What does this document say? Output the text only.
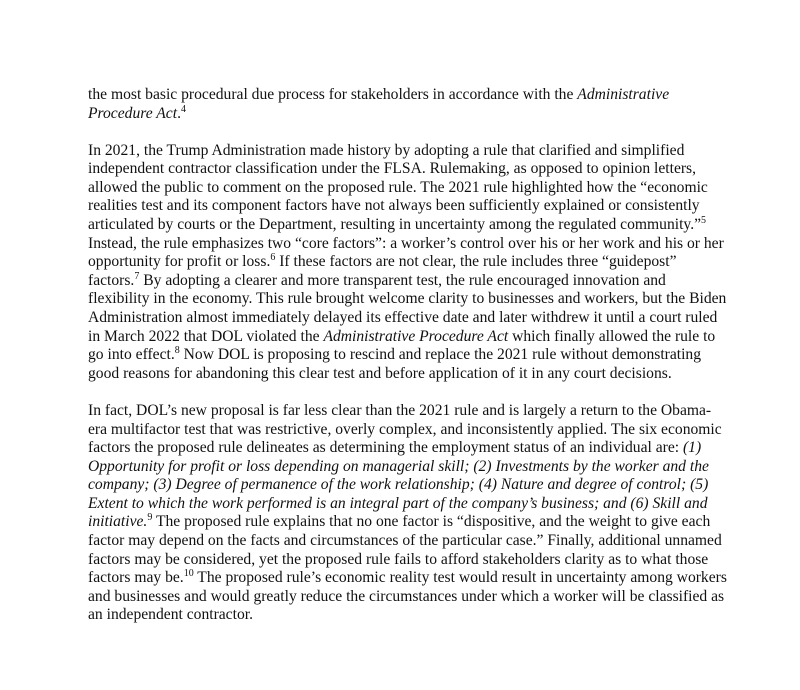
the most basic procedural due process for stakeholders in accordance with the Administrative Procedure Act.$^4$

In 2021, the Trump Administration made history by adopting a rule that clarified and simplified independent contractor classification under the FLSA. Rulemaking, as opposed to opinion letters, allowed the public to comment on the proposed rule. The 2021 rule highlighted how the “economic realities test and its component factors have not always been sufficiently explained or consistently articulated by courts or the Department, resulting in uncertainty among the regulated community.”$^5$ Instead, the rule emphasizes two “core factors”: a worker’s control over his or her work and his or her opportunity for profit or loss.$^6$ If these factors are not clear, the rule includes three “guidepost” factors.$^7$ By adopting a clearer and more transparent test, the rule encouraged innovation and flexibility in the economy. This rule brought welcome clarity to businesses and workers, but the Biden Administration almost immediately delayed its effective date and later withdrew it until a court ruled in March 2022 that DOL violated the Administrative Procedure Act which finally allowed the rule to go into effect.$^8$ Now DOL is proposing to rescind and replace the 2021 rule without demonstrating good reasons for abandoning this clear test and before application of it in any court decisions.

In fact, DOL’s new proposal is far less clear than the 2021 rule and is largely a return to the Obama-era multifactor test that was restrictive, overly complex, and inconsistently applied. The six economic factors the proposed rule delineates as determining the employment status of an individual are: (1) Opportunity for profit or loss depending on managerial skill; (2) Investments by the worker and the company; (3) Degree of permanence of the work relationship; (4) Nature and degree of control; (5) Extent to which the work performed is an integral part of the company’s business; and (6) Skill and initiative.$^9$ The proposed rule explains that no one factor is “dispositive, and the weight to give each factor may depend on the facts and circumstances of the particular case.” Finally, additional unnamed factors may be considered, yet the proposed rule fails to afford stakeholders clarity as to what those factors may be.$^{10}$ The proposed rule’s economic reality test would result in uncertainty among workers and businesses and would greatly reduce the circumstances under which a worker will be classified as an independent contractor.
